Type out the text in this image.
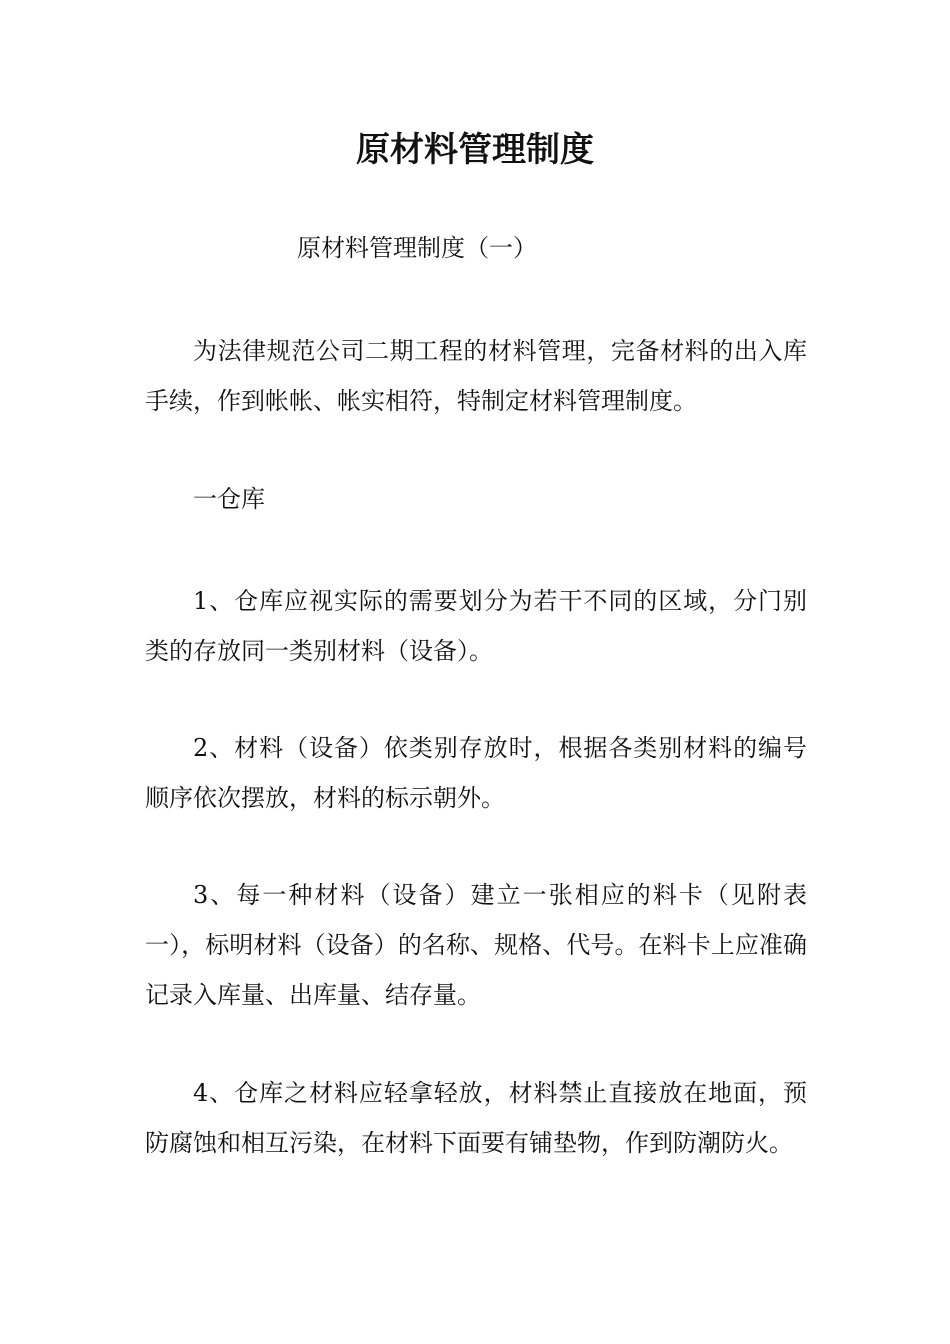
原材料管理制度

原材料管理制度（一）

为法律规范公司二期工程的材料管理，完备材料的出入库手续，作到帐帐、帐实相符，特制定材料管理制度。

一仓库

1、仓库应视实际的需要划分为若干不同的区域，分门别类的存放同一类别材料（设备）。

2、材料（设备）依类别存放时，根据各类别材料的编号顺序依次摆放，材料的标示朝外。

3、每一种材料（设备）建立一张相应的料卡（见附表一），标明材料（设备）的名称、规格、代号。在料卡上应准确记录入库量、出库量、结存量。

4、仓库之材料应轻拿轻放，材料禁止直接放在地面，预防腐蚀和相互污染，在材料下面要有铺垫物，作到防潮防火。
